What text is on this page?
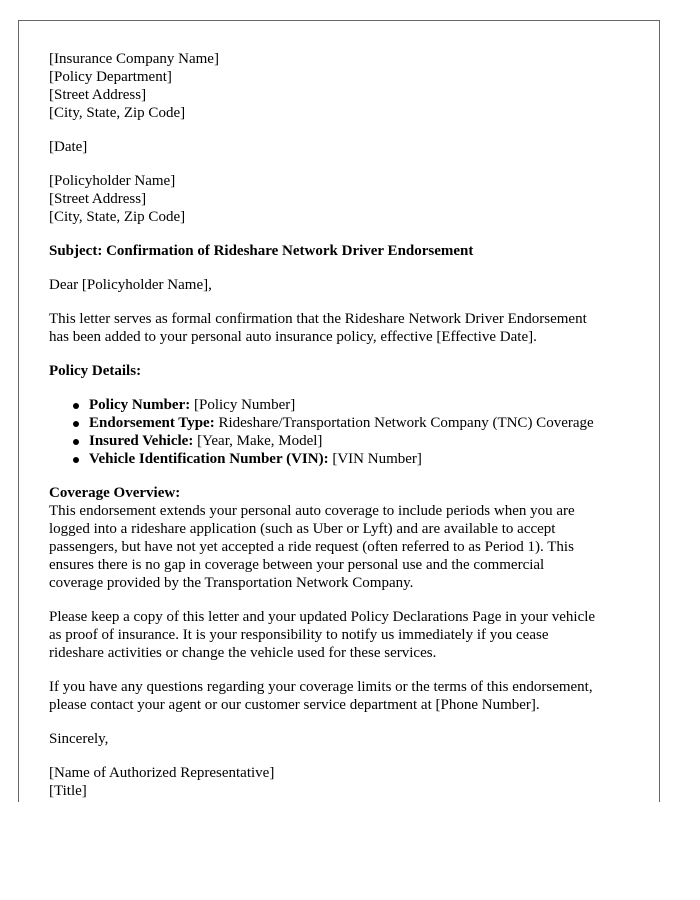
[Insurance Company Name]
[Policy Department]
[Street Address]
[City, State, Zip Code]
[Date]
[Policyholder Name]
[Street Address]
[City, State, Zip Code]
Subject: Confirmation of Rideshare Network Driver Endorsement
Dear [Policyholder Name],
This letter serves as formal confirmation that the Rideshare Network Driver Endorsement
has been added to your personal auto insurance policy, effective [Effective Date].
Policy Details:
Policy Number: [Policy Number]
Endorsement Type: Rideshare/Transportation Network Company (TNC) Coverage
Insured Vehicle: [Year, Make, Model]
Vehicle Identification Number (VIN): [VIN Number]
Coverage Overview:
This endorsement extends your personal auto coverage to include periods when you are
logged into a rideshare application (such as Uber or Lyft) and are available to accept
passengers, but have not yet accepted a ride request (often referred to as Period 1). This
ensures there is no gap in coverage between your personal use and the commercial
coverage provided by the Transportation Network Company.
Please keep a copy of this letter and your updated Policy Declarations Page in your vehicle
as proof of insurance. It is your responsibility to notify us immediately if you cease
rideshare activities or change the vehicle used for these services.
If you have any questions regarding your coverage limits or the terms of this endorsement,
please contact your agent or our customer service department at [Phone Number].
Sincerely,
[Name of Authorized Representative]
[Title]
